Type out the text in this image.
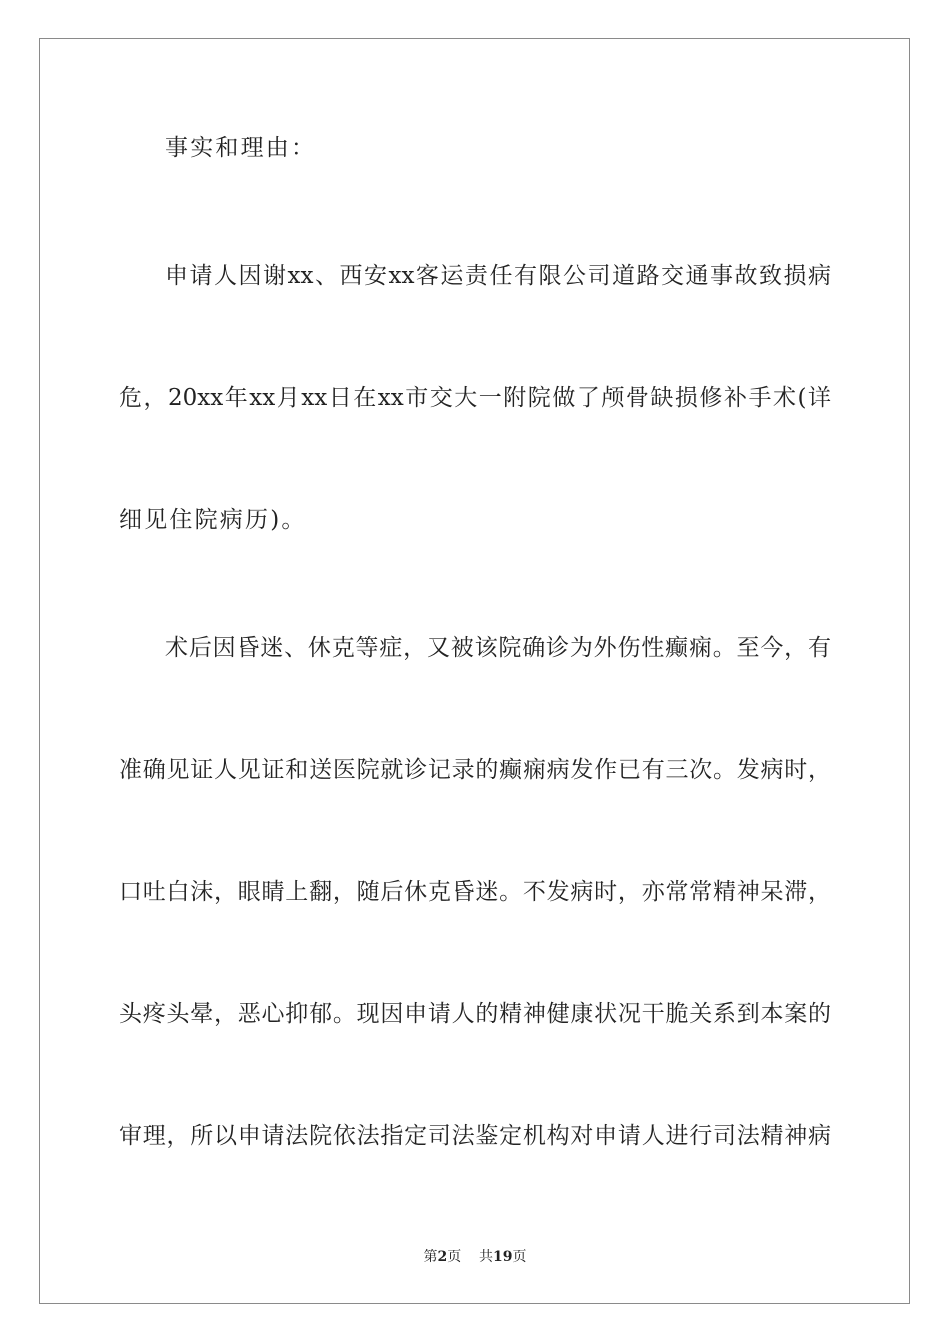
事实和理由：
申请人因谢xx、西安xx客运责任有限公司道路交通事故致损病
危，20xx年xx月xx日在xx市交大一附院做了颅骨缺损修补手术(详
细见住院病历)。
术后因昏迷、休克等症，又被该院确诊为外伤性癫痫。至今，有
准确见证人见证和送医院就诊记录的癫痫病发作已有三次。发病时，
口吐白沫，眼睛上翻，随后休克昏迷。不发病时，亦常常精神呆滞，
头疼头晕，恶心抑郁。现因申请人的精神健康状况干脆关系到本案的
审理，所以申请法院依法指定司法鉴定机构对申请人进行司法精神病
第2页 共19页
